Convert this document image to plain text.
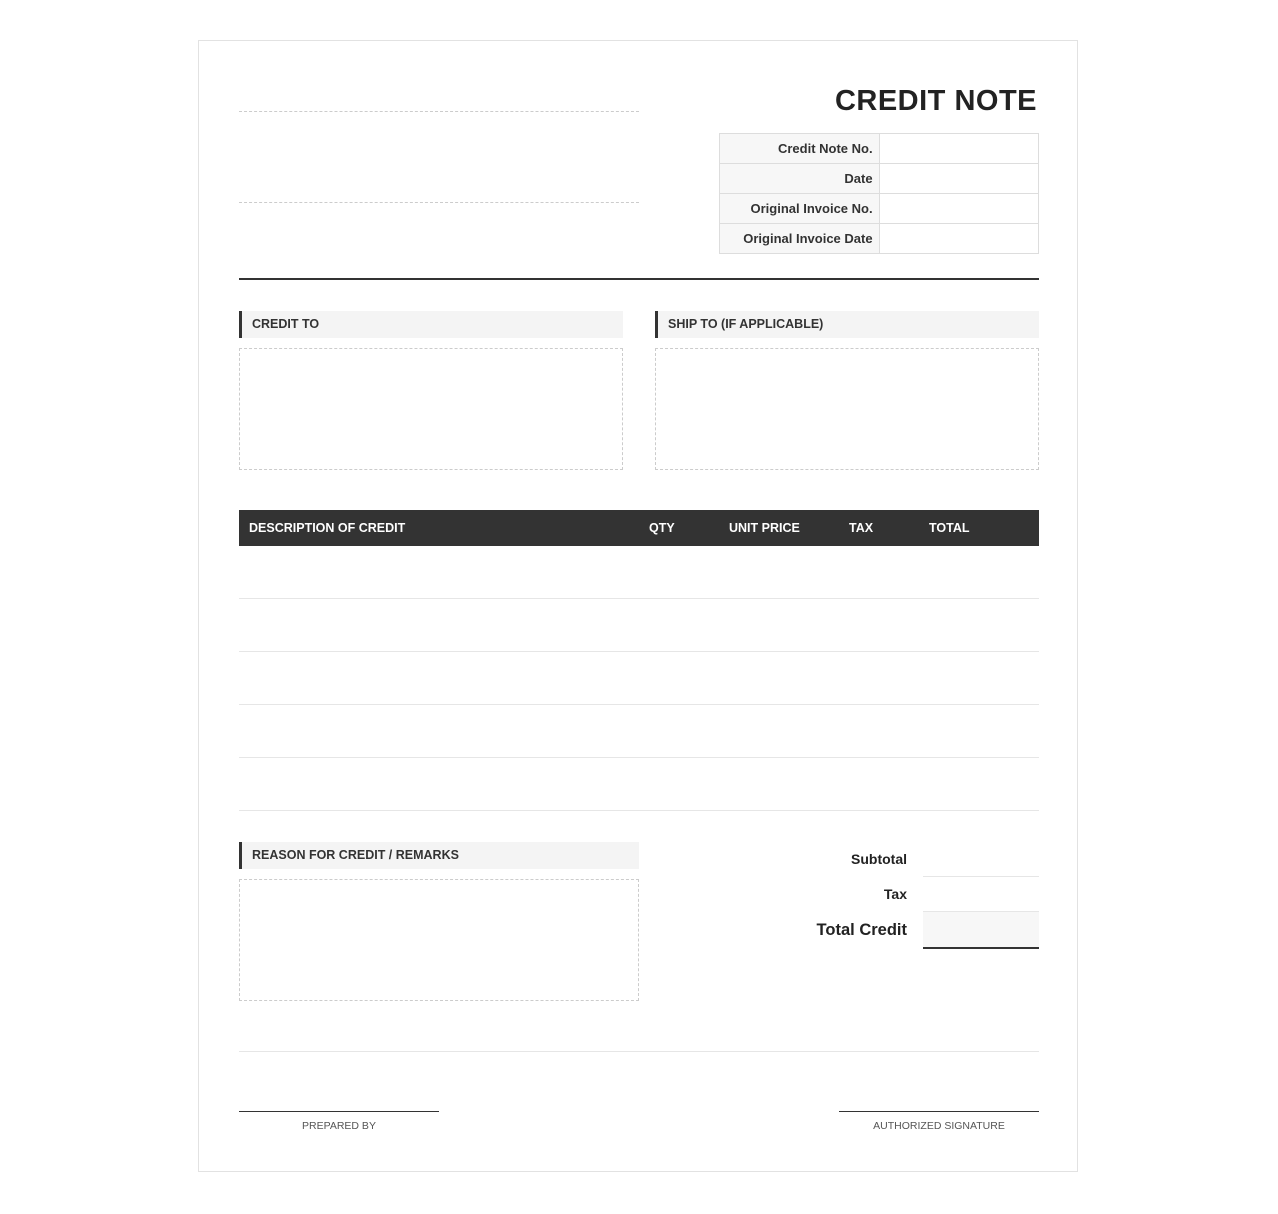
CREDIT NOTE
Credit Note No.	
Date	
Original Invoice No.	
Original Invoice Date	
CREDIT TO	SHIP TO (IF APPLICABLE)
DESCRIPTION OF CREDIT	QTY	UNIT PRICE	TAX	TOTAL
REASON FOR CREDIT / REMARKS	Subtotal
Tax
Total Credit
PREPARED BY	AUTHORIZED SIGNATURE
